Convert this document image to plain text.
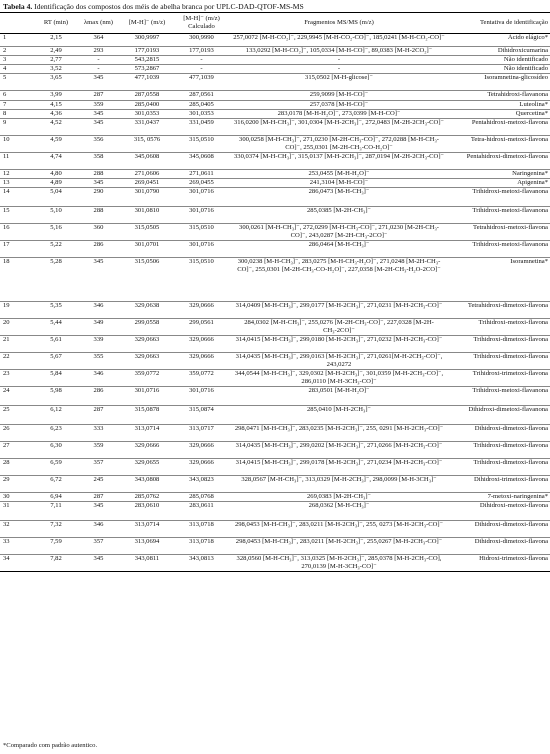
Tabela 4. Identificação dos compostos dos méis de abelha branca por UPLC-DAD-QTOF-MS-MS
	RT (min)	λmax (nm)	[M-H]⁻ (m/z)	[M-H]⁻ (m/z) Calculado	Fragmentos MS/MS (m/z)	Tentativa de identificação
1	2,15	364	300,9997	300,9990	257,0072 [M-H-CO₂]⁻, 229,9945 [M-H-CO₂-CO]⁻, 185,0241 [M-H-CO₂-CO]⁻	Ácido elágico*
2	2,49	293	177,0193	177,0193	133,0292 [M-H-CO₂]⁻, 105,0334 [M-H-CO]⁻, 89,0383 [M-H-2CO₂]⁻	Dihidroxicumarina
3	2,77	-	543,2815	-	-	Não identificado
4	3,52	-	573,2867	-	-	Não identificado
5	3,65	345	477,1039	477,1039	315,0502 [M-H-glicose]⁻	Isoramnetina-glicosídeo
6	3,99	287	287,0558	287,0561	259,9099 [M-H-CO]⁻	Tetrahidroxi-flavanona
7	4,15	359	285,0400	285,0405	257,0378 [M-H-CO]⁻	Luteolina*
8	4,36	345	301,0353	301,0353	283,0178 [M-H-H₂O]⁻, 273,0399 [M-H-CO]⁻	Quercetina*
9	4,52	345	331,0437	331,0459	316,0200 [M-H-CH₃]⁻, 301,0304 [M-H-2CH₃]⁻, 272,0483 [M-2H-2CH₃-CO]⁻	Pentahidroxi-metoxi-flavona
10	4,59	356	315, 0576	315,0510	300,0258 [M-H-CH₃]⁻, 271,0230 [M-2H-CH₃-CO]⁻, 272,0288 [M-H-CH₃-CO]⁻, 255,0301 [M-2H-CH₃-CO-H₂O]⁻	Tetra-hidroxi-metoxi-flavona
11	4,74	358	345,0608	345,0608	330,0374 [M-H-CH₃]⁻, 315,0137 [M-H-2CH₃]⁻, 287,0194 [M-2H-2CH₃-CO]⁻	Pentahidroxi-dimetoxi-flavona
12	4,80	288	271,0606	271,0611	253,0455 [M-H-H₂O]⁻	Naringenina*
13	4,89	345	269,0451	269,0455	241,3104 [M-H-CO]⁻	Apigenina*
14	5,04	290	301,0790	301,0716	286,0473 [M-H-CH₃]⁻	Trihidroxi-metoxi-flavanona
15	5,10	288	301,0810	301,0716	285,0385 [M-2H-CH₃]⁻	Trihidroxi-metoxi-flavanona
16	5,16	360	315,0505	315,0510	300,0261 [M-H-CH₃]⁻, 272,0299 [M-H-CH₃-CO]⁻, 271,0230 [M-2H-CH₃-CO]⁻, 243,0287 [M-2H-CH₃-2CO]⁻	Tetrahidroxi-metoxi-flavona
17	5,22	286	301,0701	301,0716	286,0464 [M-H-CH₃]⁻	Trihidroxi-metoxi-flavanona
18	5,28	345	315,0506	315,0510	300,0238 [M-H-CH₃]⁻, 283,0275 [M-H-CH₃-H₂O]⁻, 271,0248 [M-2H-CH₃-CO]⁻, 255,0301 [M-2H-CH₃-CO-H₂O]⁻, 227,0358 [M-2H-CH₃-H₂O-2CO]⁻	Isoramnetina*
19	5,35	346	329,0638	329,0666	314,0409 [M-H-CH₃]⁻, 299,0177 [M-H-2CH₃]⁻, 271,0231 [M-H-2CH₃-CO]⁻	Tetrahidroxi-dimetoxi-flavona
20	5,44	349	299,0558	299,0561	284,0302 [M-H-CH₃]⁻, 255,0276 [M-2H-CH₃-CO]⁻, 227,0328 [M-2H-CH₃-2CO]⁻	Trihidroxi-metoxi-flavona
21	5,61	339	329,0663	329,0666	314,0415 [M-H-CH₃]⁻, 299,0180 [M-H-2CH₃]⁻, 271,0232 [M-H-2CH₃-CO]⁻	Trihidroxi-dimetoxi-flavona
22	5,67	355	329,0663	329,0666	314,0435 [M-H-CH₃]⁻, 299,0163 [M-H-2CH₃]⁻, 271,0261[M-H-2CH₃-CO]⁻, 243,0272	Trihidroxi-dimetoxi-flavona
23	5,84	346	359,0772	359,0772	344,0544 [M-H-CH₃]⁻, 329,0302 [M-H-2CH₃]⁻, 301,0359 [M-H-2CH₃-CO]⁻, 286,0110 [M-H-3CH₃-CO]⁻	Trihidroxi-trimetoxi-flavona
24	5,98	286	301,0716	301,0716	283,0501 [M-H-H₂O]⁻	Trihidroxi-metoxi-flavanona
25	6,12	287	315,0878	315,0874	285,0410 [M-H-2CH₃]⁻	Dihidroxi-dimetoxi-flavanona
26	6,23	333	313,0714	313,0717	298,0471 [M-H-CH₃]⁻, 283,0235 [M-H-2CH₃]⁻, 255, 0291 [M-H-2CH₃-CO]⁻	Dihidroxi-dimetoxi-flavona
27	6,30	359	329,0666	329,0666	314,0435 [M-H-CH₃]⁻, 299,0202 [M-H-2CH₃]⁻, 271,0266 [M-H-2CH₃-CO]⁻	Trihidroxi-dimetoxi-flavona
28	6,59	357	329,0655	329,0666	314,0415 [M-H-CH₃]⁻, 299,0178 [M-H-2CH₃]⁻, 271,0234 [M-H-2CH₃-CO]⁻	Trihidroxi-dimetoxi-flavona
29	6,72	245	343,0808	343,0823	328,0567 [M-H-CH₃]⁻, 313,0329 [M-H-2CH₃]⁻, 298,0099 [M-H-3CH₃]⁻	Dihidroxi-trimetoxi-flavona
30	6,94	287	285,0762	285,0768	269,0383 [M-2H-CH₃]⁻	7-metoxi-naringenina*
31	7,11	345	283,0610	283,0611	268,0362 [M-H-CH₃]⁻	Dihidroxi-metoxi-flavona
32	7,32	346	313,0714	313,0718	298,0453 [M-H-CH₃]⁻, 283,0211 [M-H-2CH₃]⁻, 255, 0273 [M-H-2CH₃-CO]⁻	Dihidroxi-dimetoxi-flavona
33	7,59	357	313,0694	313,0718	298,0453 [M-H-CH₃]⁻, 283,0211 [M-H-2CH₃]⁻, 255,0267 [M-H-2CH₃-CO]⁻	Dihidroxi-dimetoxi-flavona
34	7,82	345	343,0811	343,0813	328,0560 [M-H-CH₃]⁻, 313,0325 [M-H-2CH₃]⁻, 285,0378 [M-H-2CH₃-CO], 270,0139 [M-H-3CH₃-CO]⁻	Hidroxi-trimetoxi-flavona
*Comparado com padrão autentico.
